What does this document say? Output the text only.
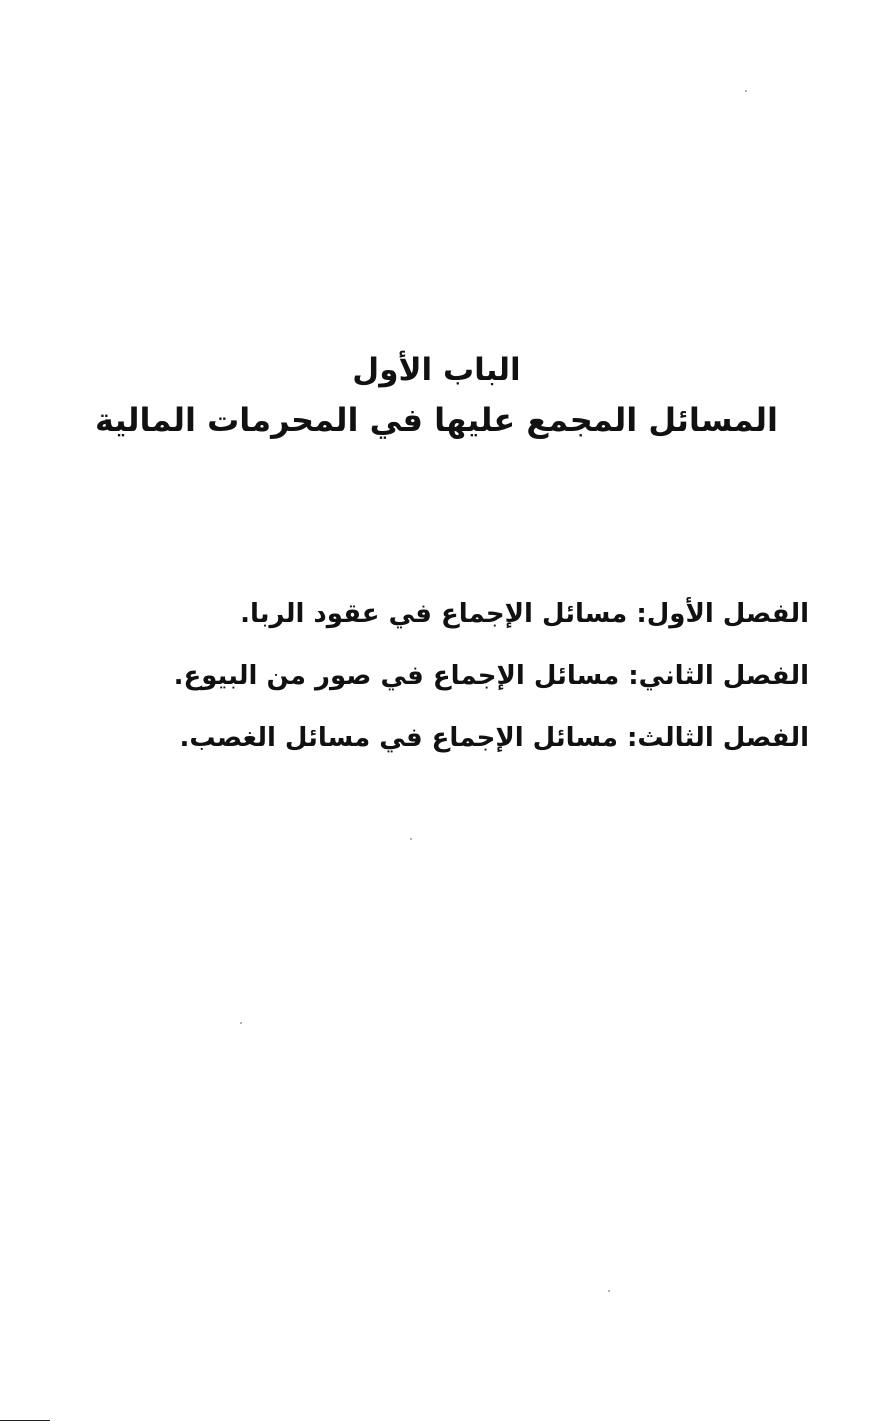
الباب الأول
المسائل المجمع عليها في المحرمات المالية
الفصل الأول: مسائل الإجماع في عقود الربا.
الفصل الثاني: مسائل الإجماع في صور من البيوع.
الفصل الثالث: مسائل الإجماع في مسائل الغصب.
